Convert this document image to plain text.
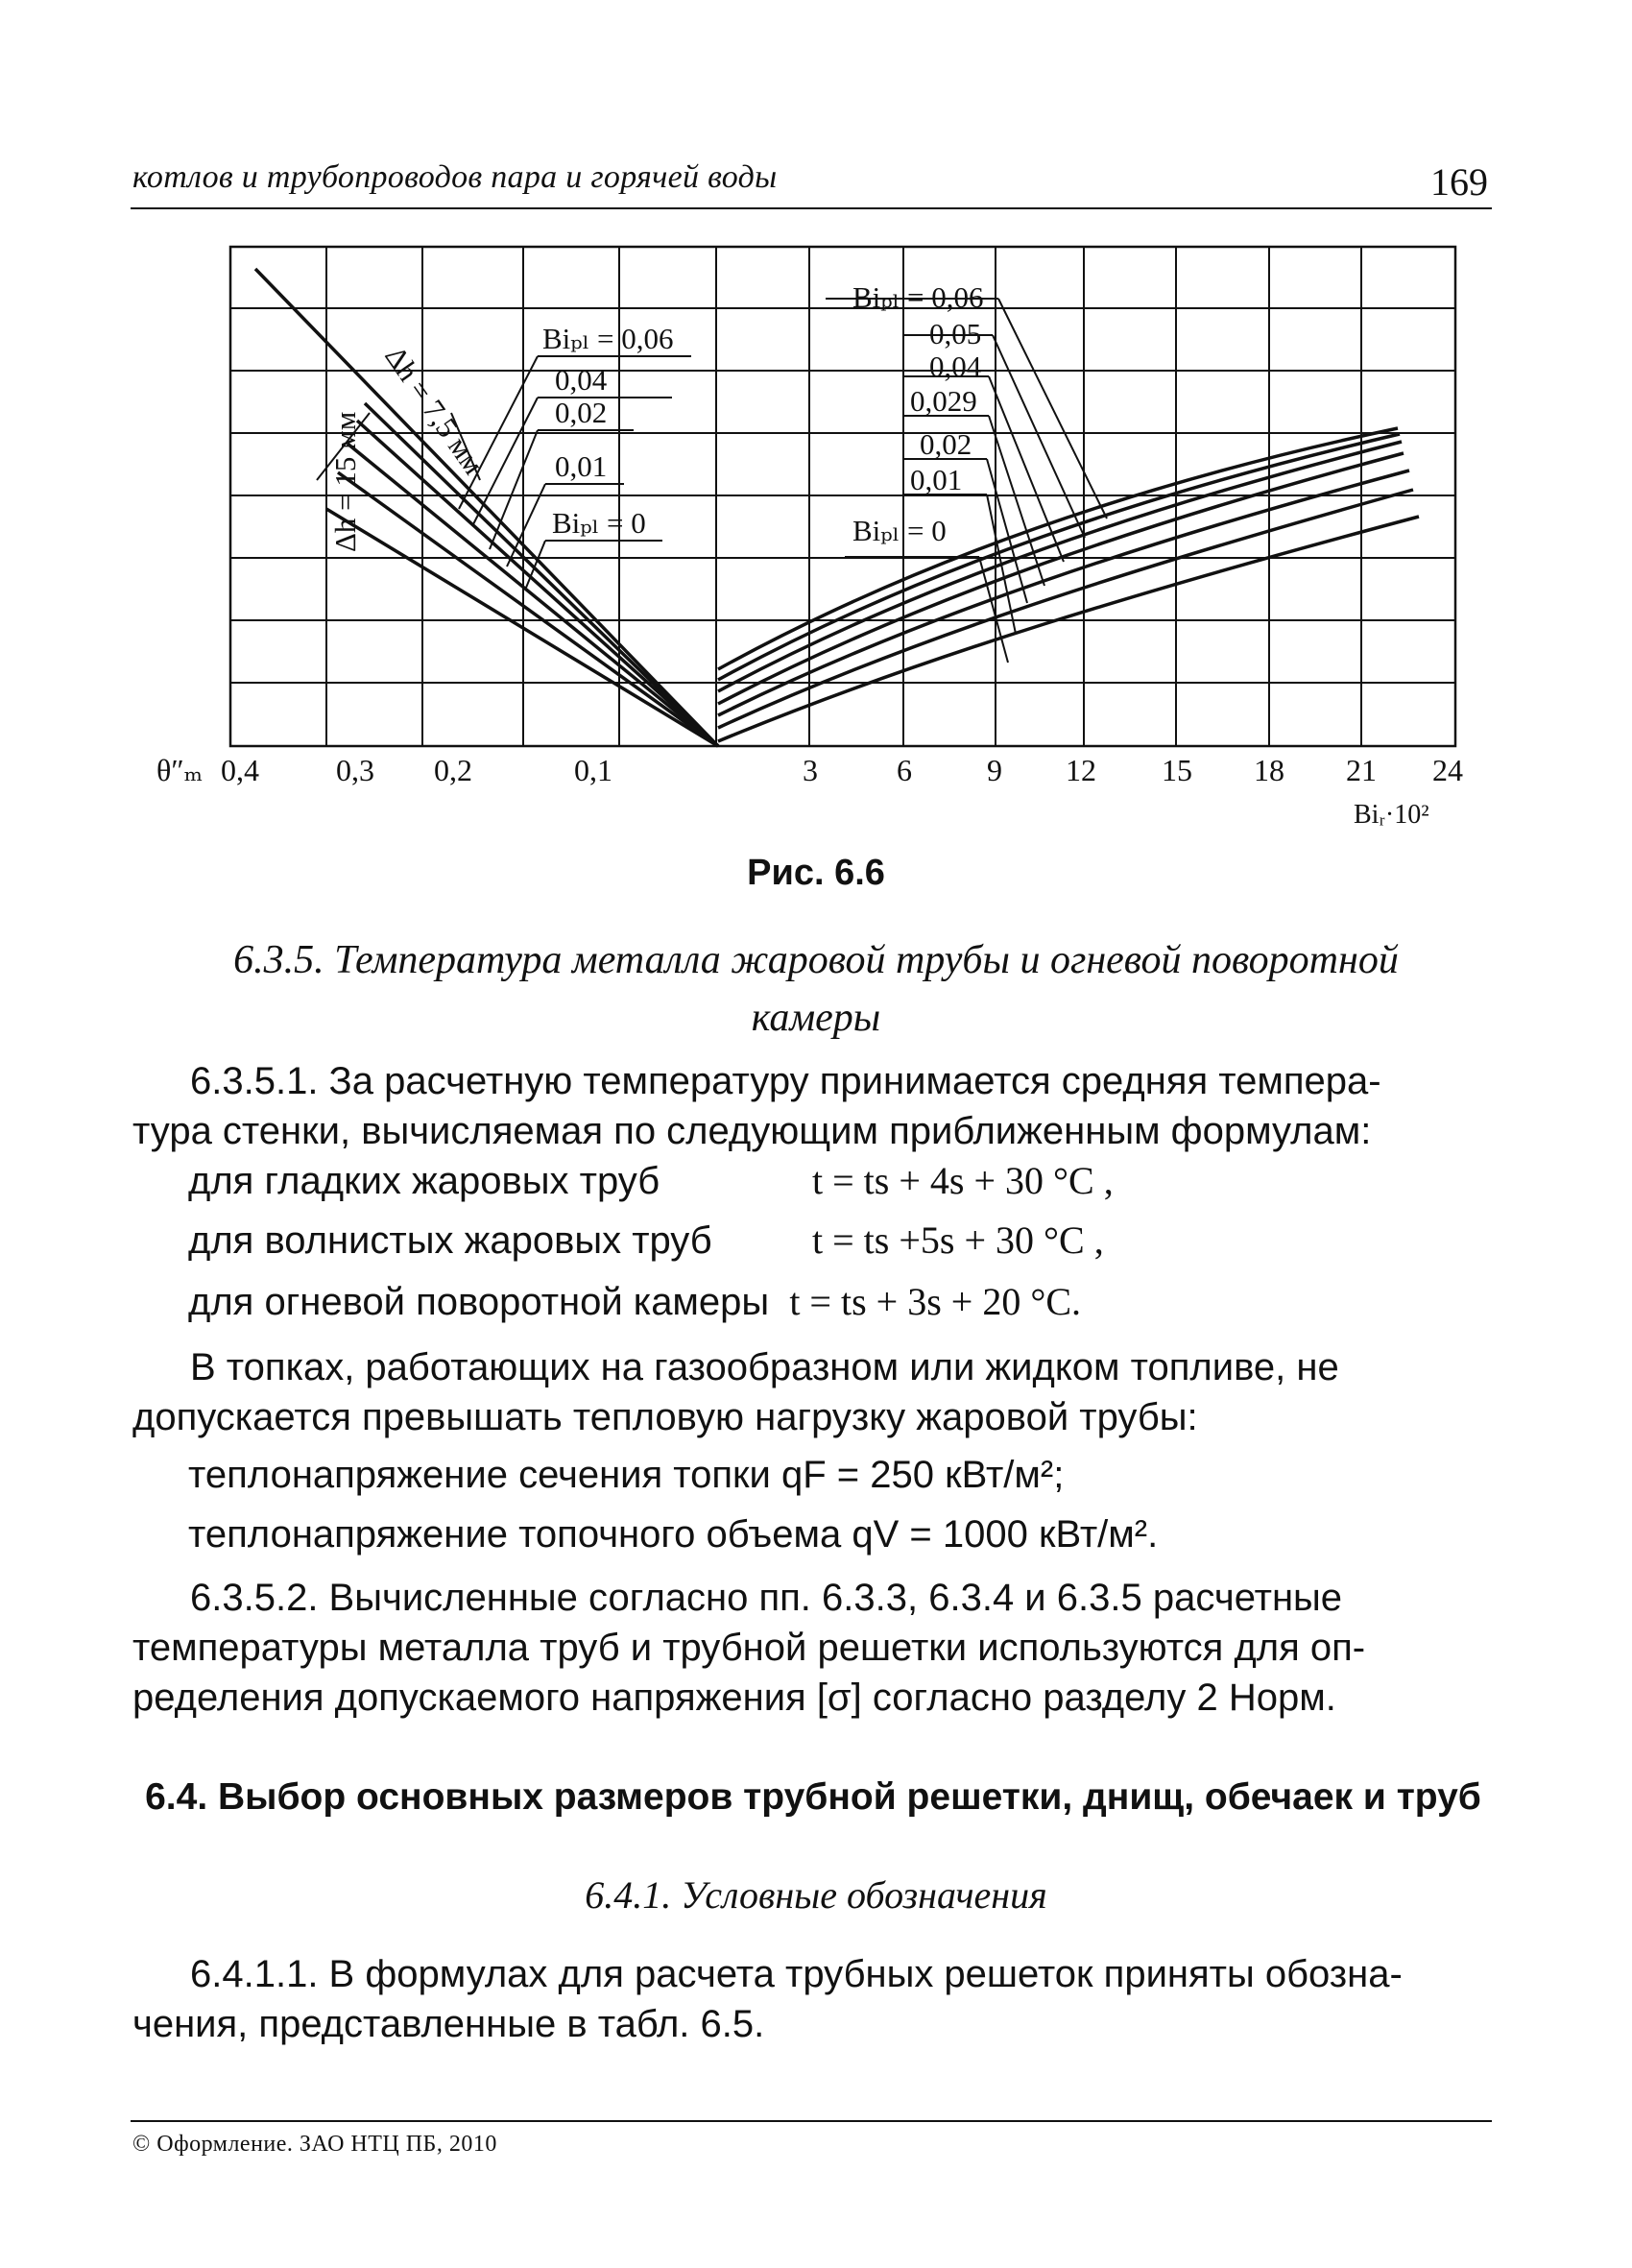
котлов и трубопроводов пара и горячей воды	169
Biₚₗ = 0,06
0,04
0,02
0,01
Biₚₗ = 0
Δh = 15 мм
Δh = 7,5 мм
Biₚₗ = 0,06
0,05
0,04
0,029
0,02
0,01
Biₚₗ = 0
θ″ₘ 0,4	0,3 0,2	0,1	3	6 9 12 15 18 21 24
Biᵣ·10²
Рис. 6.6
6.3.5. Температура металла жаровой трубы и огневой поворотной
камеры
6.3.5.1. За расчетную температуру принимается средняя темпера-
тура стенки, вычисляемая по следующим приближенным формулам:
для гладких жаровых труб	t = ts + 4s + 30 °C ,
для волнистых жаровых труб	t = ts +5s + 30 °C ,
для огневой поворотной камеры t = ts + 3s + 20 °C.
В топках, работающих на газообразном или жидком топливе, не
допускается превышать тепловую нагрузку жаровой трубы:
теплонапряжение сечения топки qF = 250 кВт/м²;
теплонапряжение топочного объема qV = 1000 кВт/м².
6.3.5.2. Вычисленные согласно пп. 6.3.3, 6.3.4 и 6.3.5 расчетные
температуры металла труб и трубной решетки используются для оп-
ределения допускаемого напряжения [σ] согласно разделу 2 Норм.
6.4. Выбор основных размеров трубной решетки, днищ, обечаек и труб
6.4.1. Условные обозначения
6.4.1.1. В формулах для расчета трубных решеток приняты обозна-
чения, представленные в табл. 6.5.
© Оформление. ЗАО НТЦ ПБ, 2010
